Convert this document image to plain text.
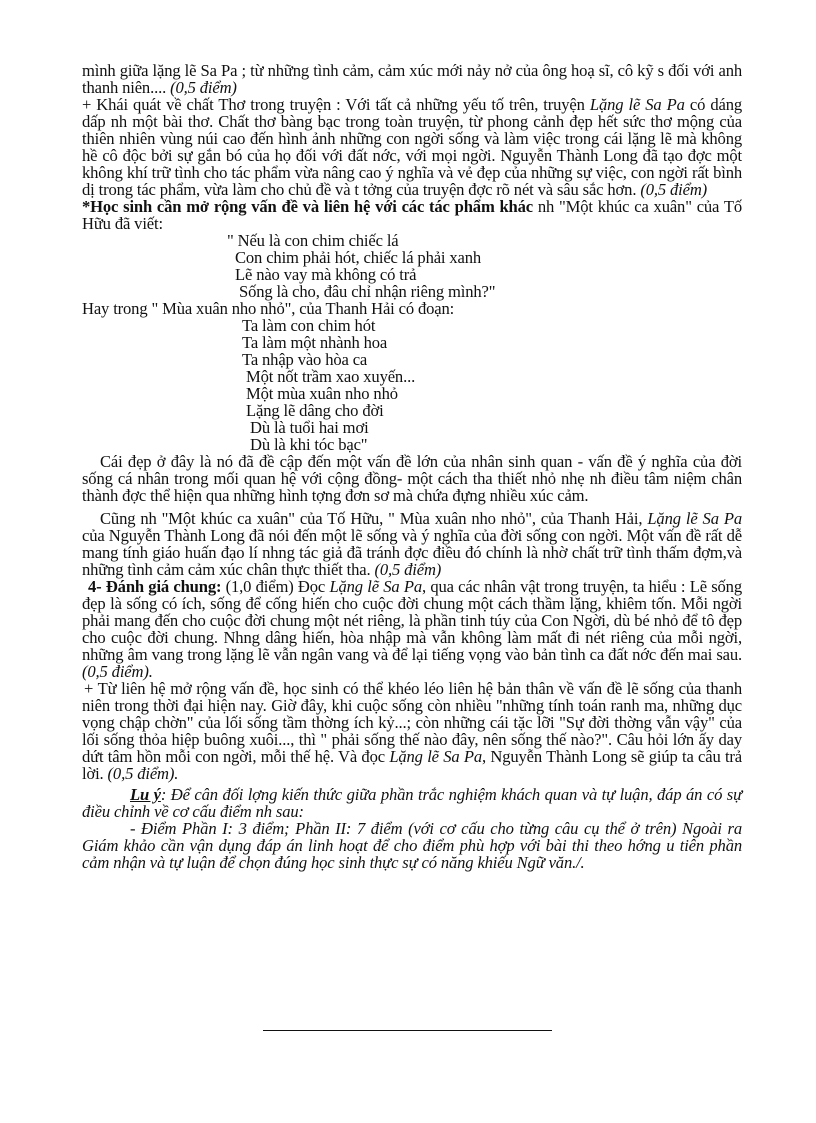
mình giữa lặng lẽ Sa Pa ; từ những tình cảm, cảm xúc mới nảy nở của ông hoạ sĩ, cô kỹ s đối với anh thanh niên.... (0,5 điểm)

+ Khái quát về chất Thơ trong truyện : Với tất cả những yếu tố trên, truyện Lặng lẽ Sa Pa có dáng dấp nh một bài thơ. Chất thơ bàng bạc trong toàn truyện, từ phong cảnh đẹp hết sức thơ mộng của thiên nhiên vùng núi cao đến hình ảnh những con ngời sống và làm việc trong cái lặng lẽ mà không hề cô độc bởi sự gắn bó của họ đối với đất nớc, với mọi ngời. Nguyễn Thành Long đã tạo đợc một không khí trữ tình cho tác phẩm vừa nâng cao ý nghĩa và vẻ đẹp của những sự việc, con ngời rất bình dị trong tác phẩm, vừa làm cho chủ đề và t tởng của truyện đợc rõ nét và sâu sắc hơn. (0,5 điểm)

*Học sinh cần mở rộng vấn đề và liên hệ với các tác phẩm khác nh "Một khúc ca xuân" của Tố Hữu đã viết:

" Nếu là con chim chiếc lá
Con chim phải hót, chiếc lá phải xanh
Lẽ nào vay mà không có trả
Sống là cho, đâu chỉ nhận riêng mình?"

Hay trong " Mùa xuân nho nhỏ", của Thanh Hải có đoạn:

Ta làm con chim hót
Ta làm một nhành hoa
Ta nhập vào hòa ca
Một nốt trầm xao xuyến...
Một mùa xuân nho nhỏ
Lặng lẽ dâng cho đời
Dù là tuổi hai mơi
Dù là khi tóc bạc"

Cái đẹp ở đây là nó đã đề cập đến một vấn đề lớn của nhân sinh quan - vấn đề ý nghĩa của đời sống cá nhân trong mối quan hệ với cộng đồng- một cách tha thiết nhỏ nhẹ nh điều tâm niệm chân thành đợc thể hiện qua những hình tợng đơn sơ mà chứa đựng nhiều xúc cảm.

Cũng nh "Một khúc ca xuân" của Tố Hữu, " Mùa xuân nho nhỏ", của Thanh Hải, Lặng lẽ Sa Pa của Nguyễn Thành Long đã nói đến một lẽ sống và ý nghĩa của đời sống con ngời. Một vấn đề rất dễ mang tính giáo huấn đạo lí nhng tác giả đã tránh đợc điều đó chính là nhờ chất trữ tình thấm đợm,và những tình cảm cảm xúc chân thực thiết tha. (0,5 điểm)

4- Đánh giá chung: (1,0 điểm) Đọc Lặng lẽ Sa Pa, qua các nhân vật trong truyện, ta hiểu : Lẽ sống đẹp là sống có ích, sống để cống hiến cho cuộc đời chung một cách thầm lặng, khiêm tốn. Mỗi ngời phải mang đến cho cuộc đời chung một nét riêng, là phần tinh túy của Con Ngời, dù bé nhỏ để tô đẹp cho cuộc đời chung. Nhng dâng hiến, hòa nhập mà vẫn không làm mất đi nét riêng của mỗi ngời, những âm vang trong lặng lẽ vẫn ngân vang và để lại tiếng vọng vào bản tình ca đất nớc đến mai sau. (0,5 điểm).

+ Từ liên hệ mở rộng vấn đề, học sinh có thể khéo léo liên hệ bản thân về vấn đề lẽ sống của thanh niên trong thời đại hiện nay. Giờ đây, khi cuộc sống còn nhiều "những tính toán ranh ma, những dục vọng chập chờn" của lối sống tầm thờng ích kỷ...; còn những cái tặc lỡi "Sự đời thờng vẫn vậy" của lối sống thỏa hiệp buông xuôi..., thì " phải sống thế nào đây, nên sống thế nào?". Câu hỏi lớn ấy day dứt tâm hồn mỗi con ngời, mỗi thế hệ. Và đọc Lặng lẽ Sa Pa, Nguyễn Thành Long sẽ giúp ta câu trả lời. (0,5 điểm).

Lu ý: Để cân đối lợng kiến thức giữa phần trắc nghiệm khách quan và tự luận, đáp án có sự điều chỉnh về cơ cấu điểm nh sau:

- Điểm Phần I: 3 điểm; Phần II: 7 điểm (với cơ cấu cho từng câu cụ thể ở trên) Ngoài ra Giám khảo cần vận dụng đáp án linh hoạt để cho điểm phù hợp với bài thi theo hớng u tiên phần cảm nhận và tự luận để chọn đúng học sinh thực sự có năng khiếu Ngữ văn./.
